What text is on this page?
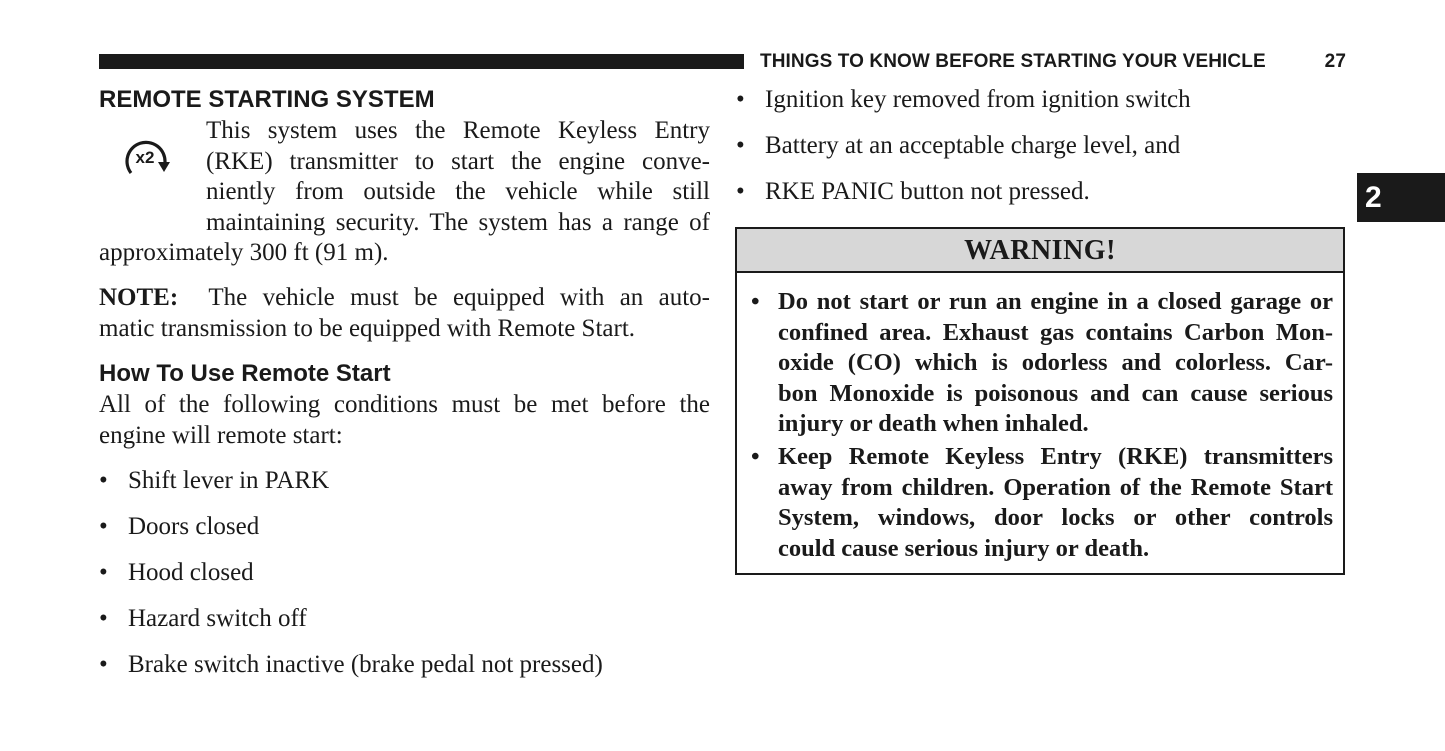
THINGS TO KNOW BEFORE STARTING YOUR VEHICLE	27
2
REMOTE STARTING SYSTEM
x2
This system uses the Remote Keyless Entry
(RKE) transmitter to start the engine conve-
niently from outside the vehicle while still
maintaining security. The system has a range of
approximately 300 ft (91 m).
NOTE:  The vehicle must be equipped with an auto-
matic transmission to be equipped with Remote Start.
How To Use Remote Start
All of the following conditions must be met before the
engine will remote start:
• Shift lever in PARK
• Doors closed
• Hood closed
• Hazard switch off
• Brake switch inactive (brake pedal not pressed)
• Ignition key removed from ignition switch
• Battery at an acceptable charge level, and
• RKE PANIC button not pressed.
WARNING!
• Do not start or run an engine in a closed garage or
confined area. Exhaust gas contains Carbon Mon-
oxide (CO) which is odorless and colorless. Car-
bon Monoxide is poisonous and can cause serious
injury or death when inhaled.
• Keep Remote Keyless Entry (RKE) transmitters
away from children. Operation of the Remote Start
System, windows, door locks or other controls
could cause serious injury or death.
